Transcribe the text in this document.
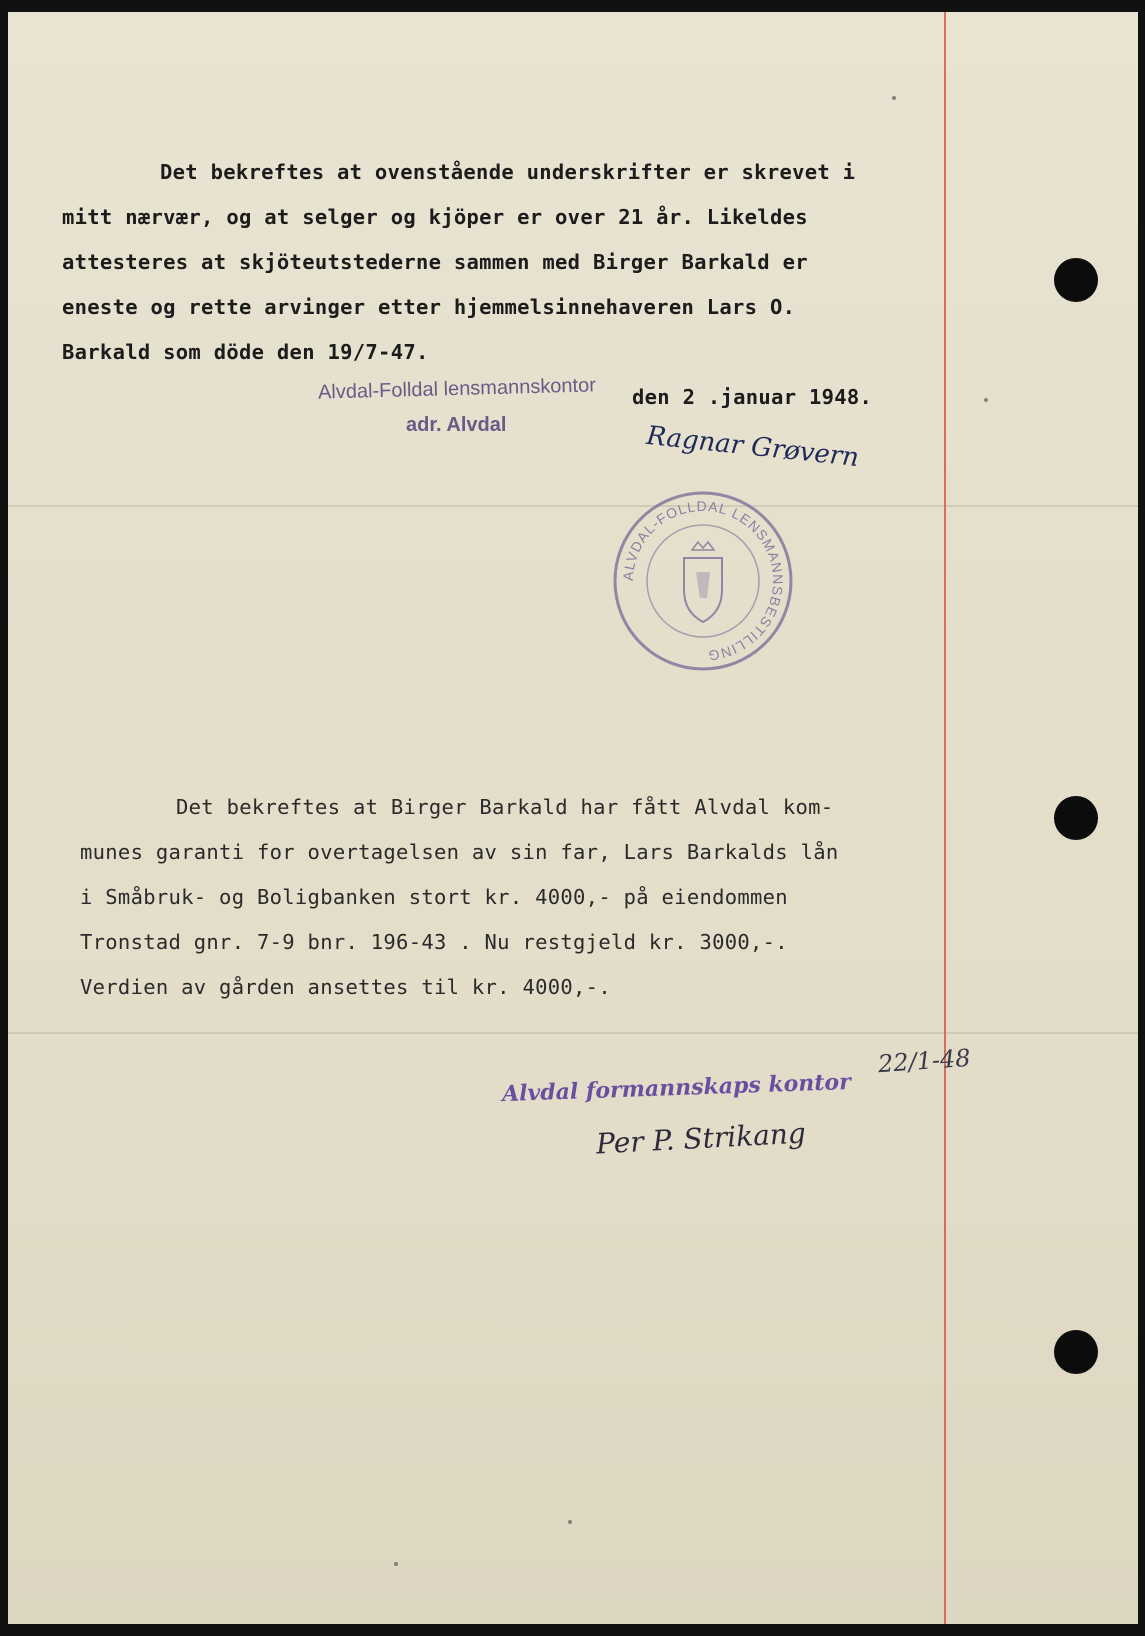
Det bekreftes at ovenstående underskrifter er skrevet i
mitt nærvær, og at selger og kjöper er over 21 år. Likeldes
attesteres at skjöteutstederne sammen med Birger Barkald er
eneste og rette arvinger etter hjemmelsinnehaveren Lars O.
Barkald som döde den 19/7-47.
Alvdal-Folldal lensmannskontor
adr. Alvdal
den 2 .januar 1948.
Ragnar Grøvern
ALVDAL-FOLLDAL LENSMANNSBESTILLING
Det bekreftes at Birger Barkald har fått Alvdal kom-
munes garanti for overtagelsen av sin far, Lars Barkalds lån
i Småbruk- og Boligbanken stort kr. 4000,- på eiendommen
Tronstad gnr. 7-9 bnr. 196-43 . Nu restgjeld kr. 3000,-.
Verdien av gården ansettes til kr. 4000,-.
Alvdal formannskaps kontor
22/1-48
Per P. Strikang
